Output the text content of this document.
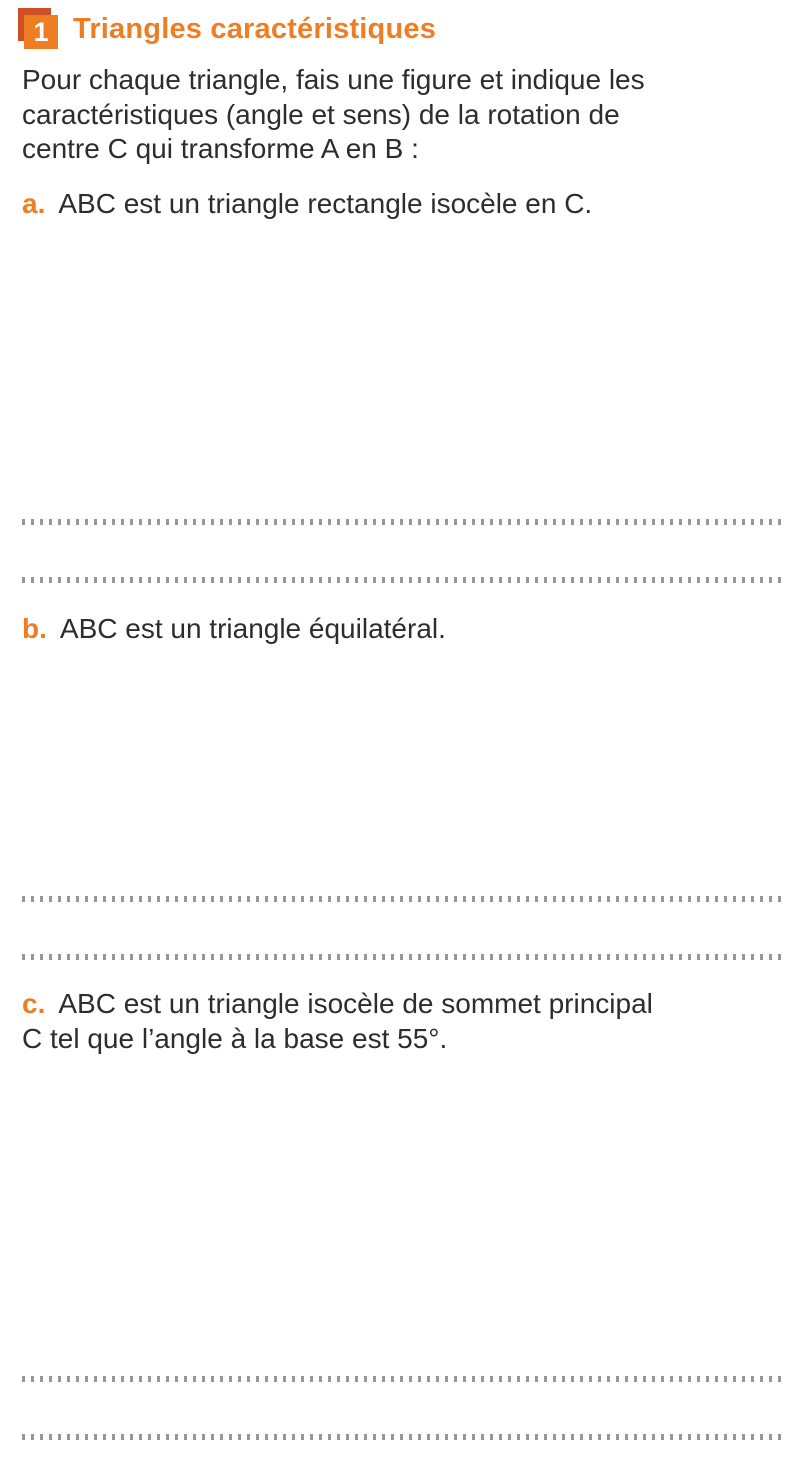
1 Triangles caractéristiques
Pour chaque triangle, fais une figure et indique les
caractéristiques (angle et sens) de la rotation de
centre C qui transforme A en B :
a. ABC est un triangle rectangle isocèle en C.
b. ABC est un triangle équilatéral.
c. ABC est un triangle isocèle de sommet principal
C tel que l’angle à la base est 55°.
